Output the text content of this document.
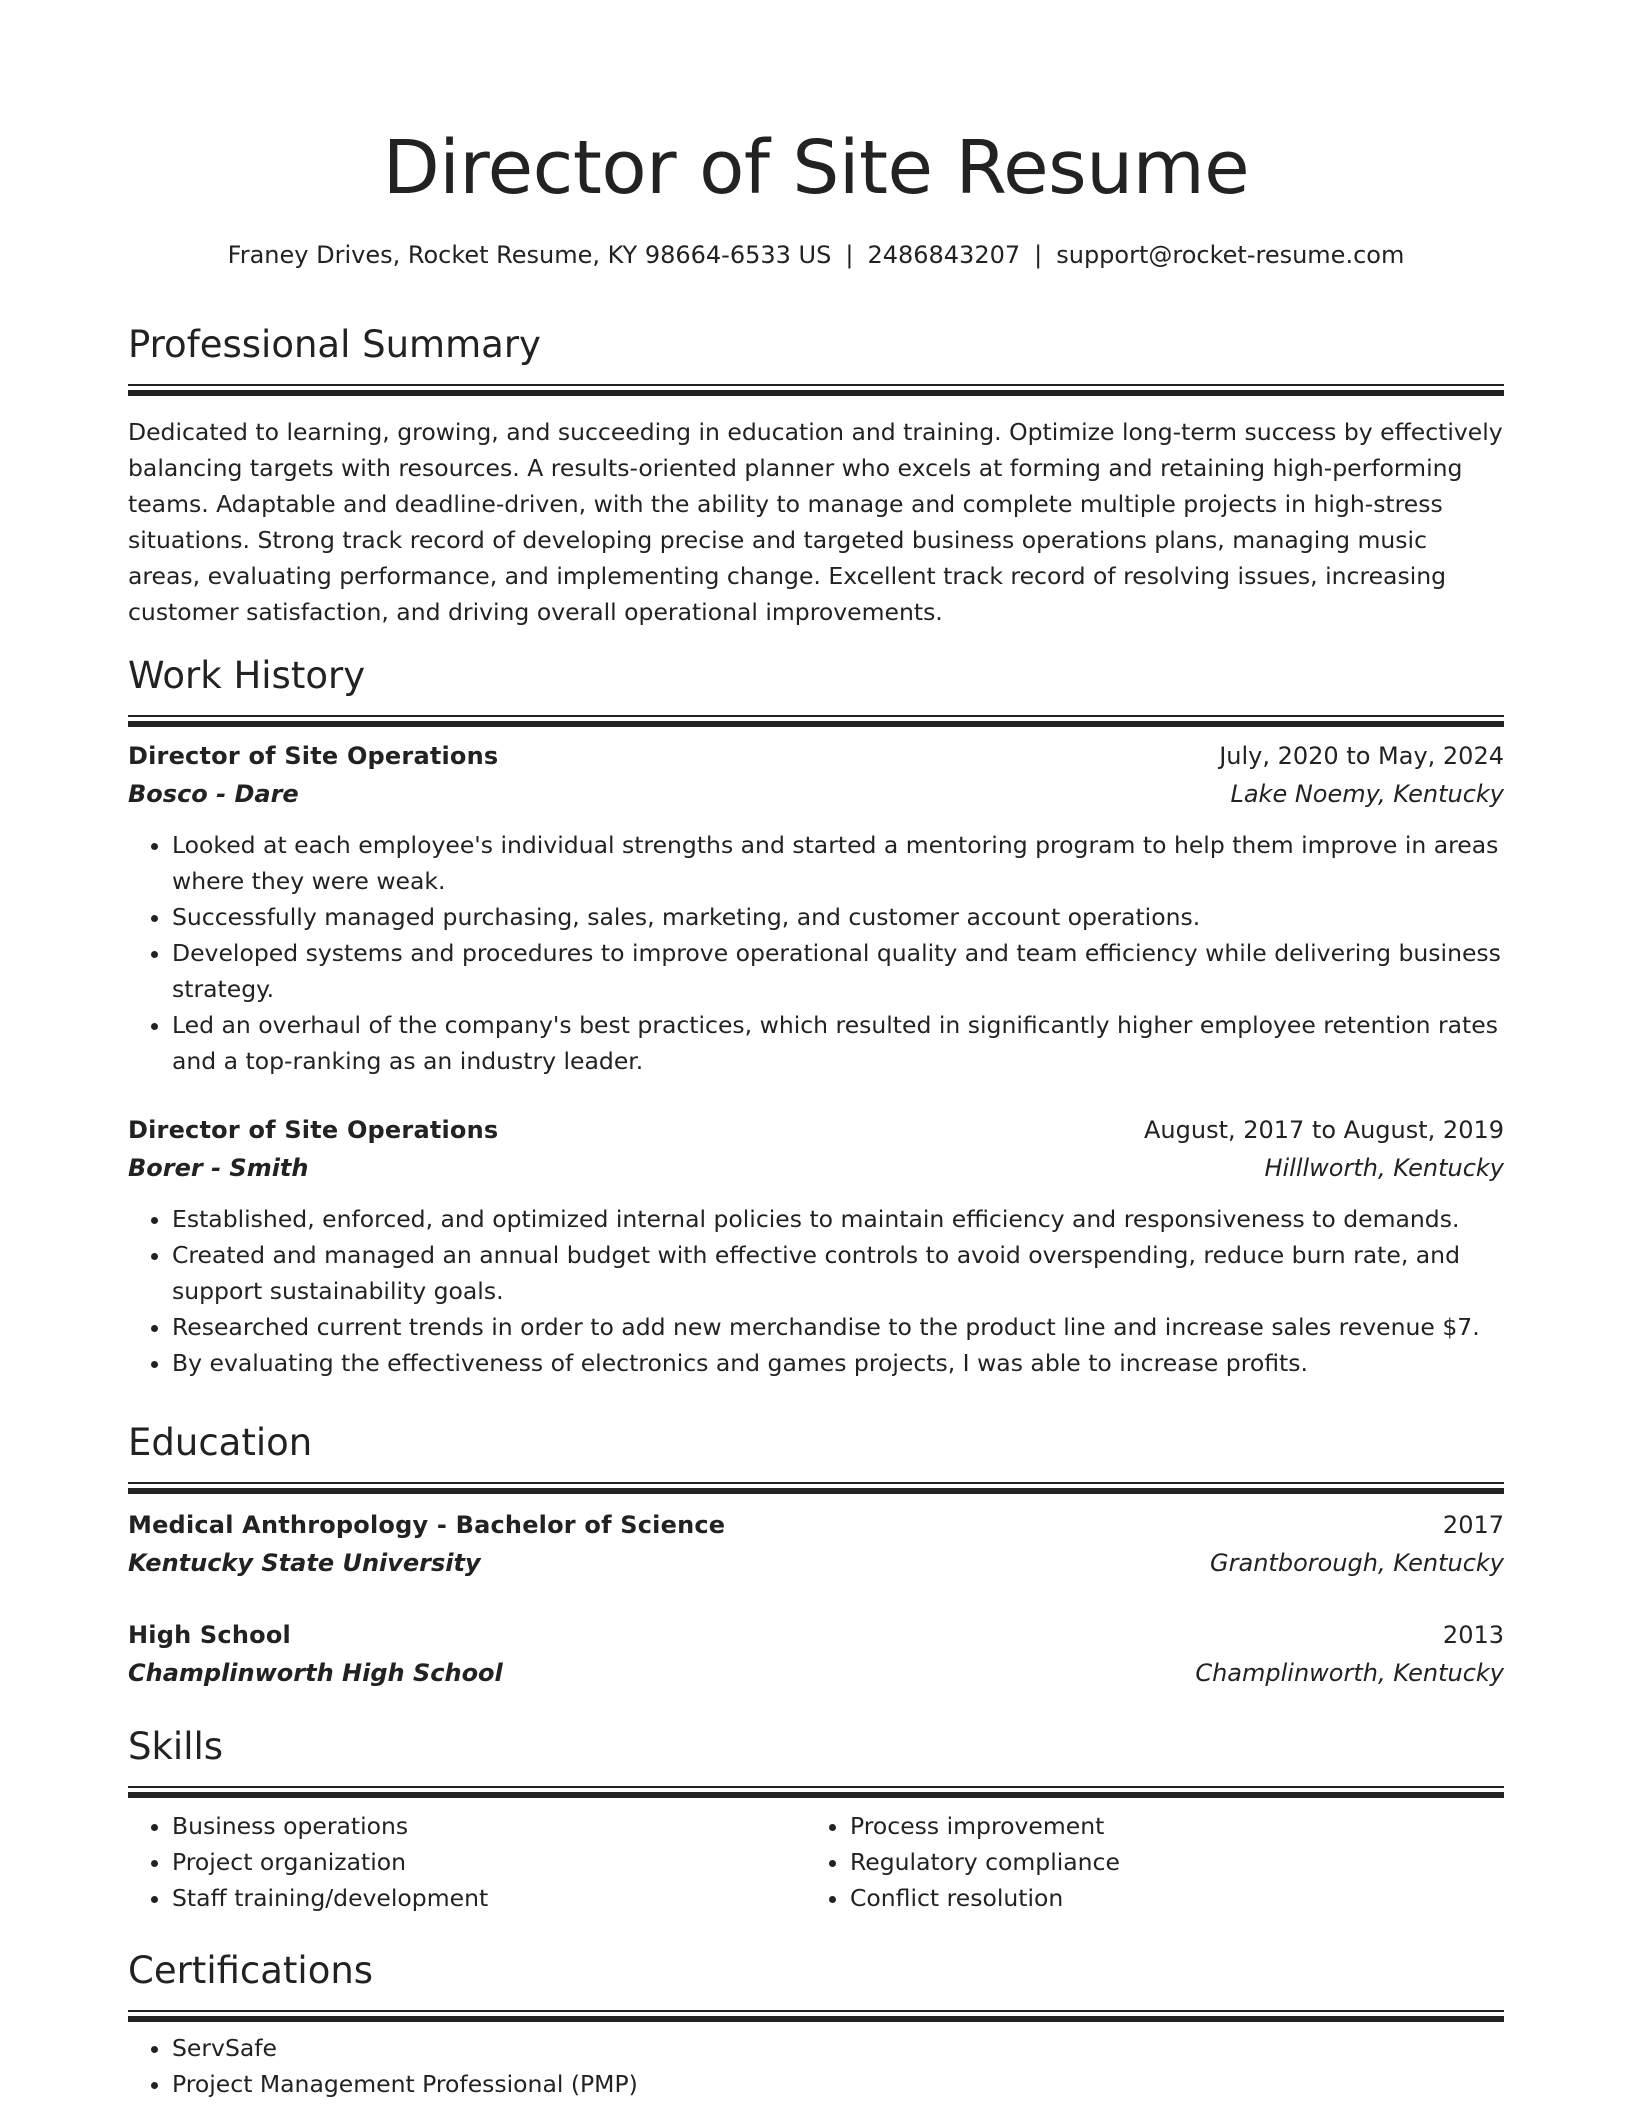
Director of Site Resume
Franey Drives, Rocket Resume, KY 98664-6533 US | 2486843207 | support@rocket-resume.com
Professional Summary

Dedicated to learning, growing, and succeeding in education and training. Optimize long-term success by effectively balancing targets with resources. A results-oriented planner who excels at forming and retaining high-performing teams. Adaptable and deadline-driven, with the ability to manage and complete multiple projects in high-stress situations. Strong track record of developing precise and targeted business operations plans, managing music areas, evaluating performance, and implementing change. Excellent track record of resolving issues, increasing customer satisfaction, and driving overall operational improvements.

Work History
Director of Site Operations	July, 2020 to May, 2024
Bosco - Dare	Lake Noemy, Kentucky
• Looked at each employee's individual strengths and started a mentoring program to help them improve in areas where they were weak.
• Successfully managed purchasing, sales, marketing, and customer account operations.
• Developed systems and procedures to improve operational quality and team efficiency while delivering business strategy.
• Led an overhaul of the company's best practices, which resulted in significantly higher employee retention rates and a top-ranking as an industry leader.
Director of Site Operations	August, 2017 to August, 2019
Borer - Smith	Hilllworth, Kentucky
• Established, enforced, and optimized internal policies to maintain efficiency and responsiveness to demands.
• Created and managed an annual budget with effective controls to avoid overspending, reduce burn rate, and support sustainability goals.
• Researched current trends in order to add new merchandise to the product line and increase sales revenue $7.
• By evaluating the effectiveness of electronics and games projects, I was able to increase profits.
Education
Medical Anthropology - Bachelor of Science	2017
Kentucky State University	Grantborough, Kentucky
High School	2013
Champlinworth High School	Champlinworth, Kentucky
Skills
• Business operations
• Project organization
• Staff training/development
• Process improvement
• Regulatory compliance
• Conflict resolution
Certifications
• ServSafe
• Project Management Professional (PMP)
